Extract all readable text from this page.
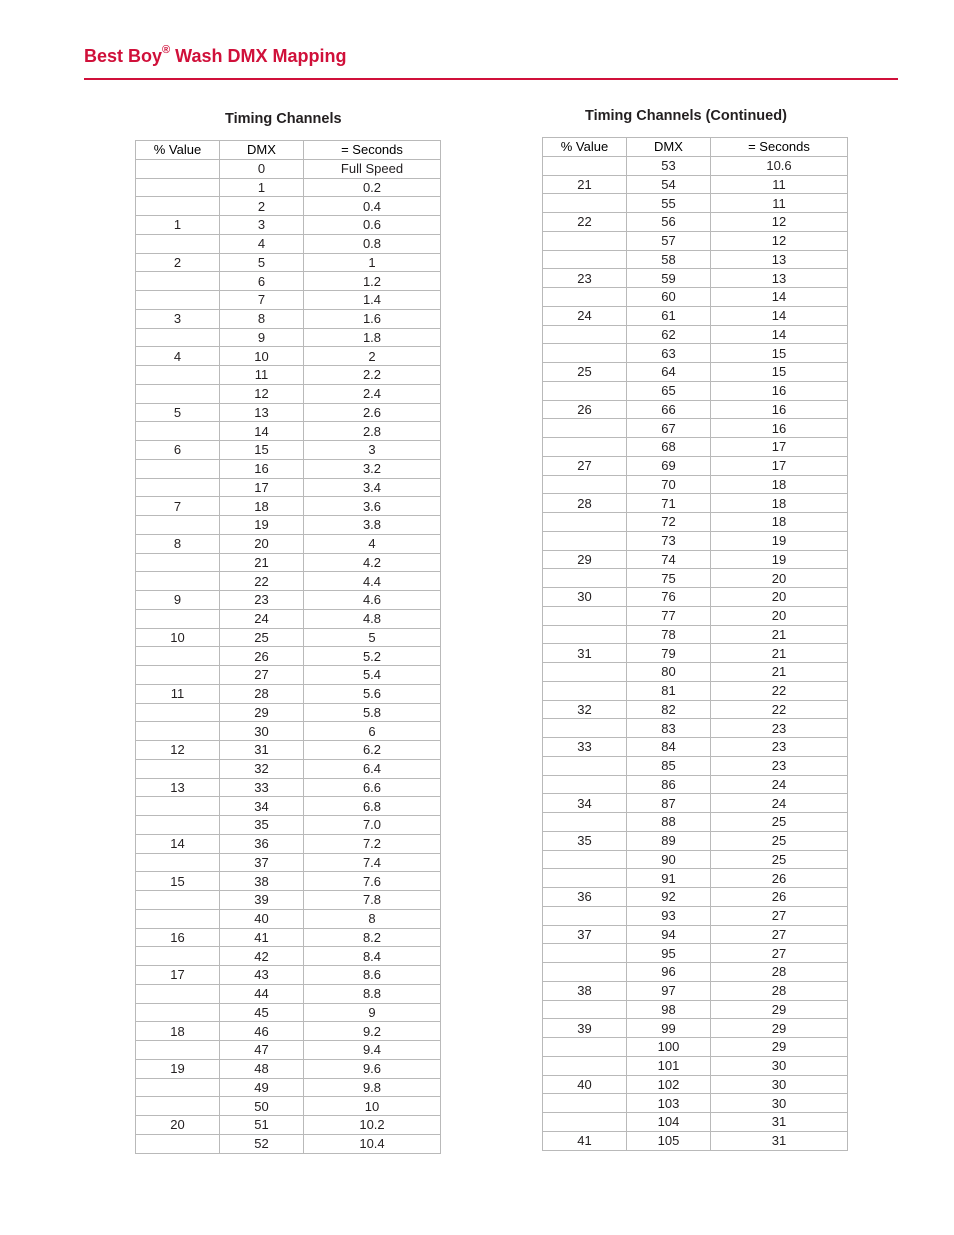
Best Boy® Wash DMX Mapping
Timing Channels
% Value	DMX	= Seconds
	0	Full Speed
	1	0.2
	2	0.4
1	3	0.6
	4	0.8
2	5	1
	6	1.2
	7	1.4
3	8	1.6
	9	1.8
4	10	2
	11	2.2
	12	2.4
5	13	2.6
	14	2.8
6	15	3
	16	3.2
	17	3.4
7	18	3.6
	19	3.8
8	20	4
	21	4.2
	22	4.4
9	23	4.6
	24	4.8
10	25	5
	26	5.2
	27	5.4
11	28	5.6
	29	5.8
	30	6
12	31	6.2
	32	6.4
13	33	6.6
	34	6.8
	35	7.0
14	36	7.2
	37	7.4
15	38	7.6
	39	7.8
	40	8
16	41	8.2
	42	8.4
17	43	8.6
	44	8.8
	45	9
18	46	9.2
	47	9.4
19	48	9.6
	49	9.8
	50	10
20	51	10.2
	52	10.4
Timing Channels (Continued)
% Value	DMX	= Seconds
	53	10.6
21	54	11
	55	11
22	56	12
	57	12
	58	13
23	59	13
	60	14
24	61	14
	62	14
	63	15
25	64	15
	65	16
26	66	16
	67	16
	68	17
27	69	17
	70	18
28	71	18
	72	18
	73	19
29	74	19
	75	20
30	76	20
	77	20
	78	21
31	79	21
	80	21
	81	22
32	82	22
	83	23
33	84	23
	85	23
	86	24
34	87	24
	88	25
35	89	25
	90	25
	91	26
36	92	26
	93	27
37	94	27
	95	27
	96	28
38	97	28
	98	29
39	99	29
	100	29
	101	30
40	102	30
	103	30
	104	31
41	105	31
